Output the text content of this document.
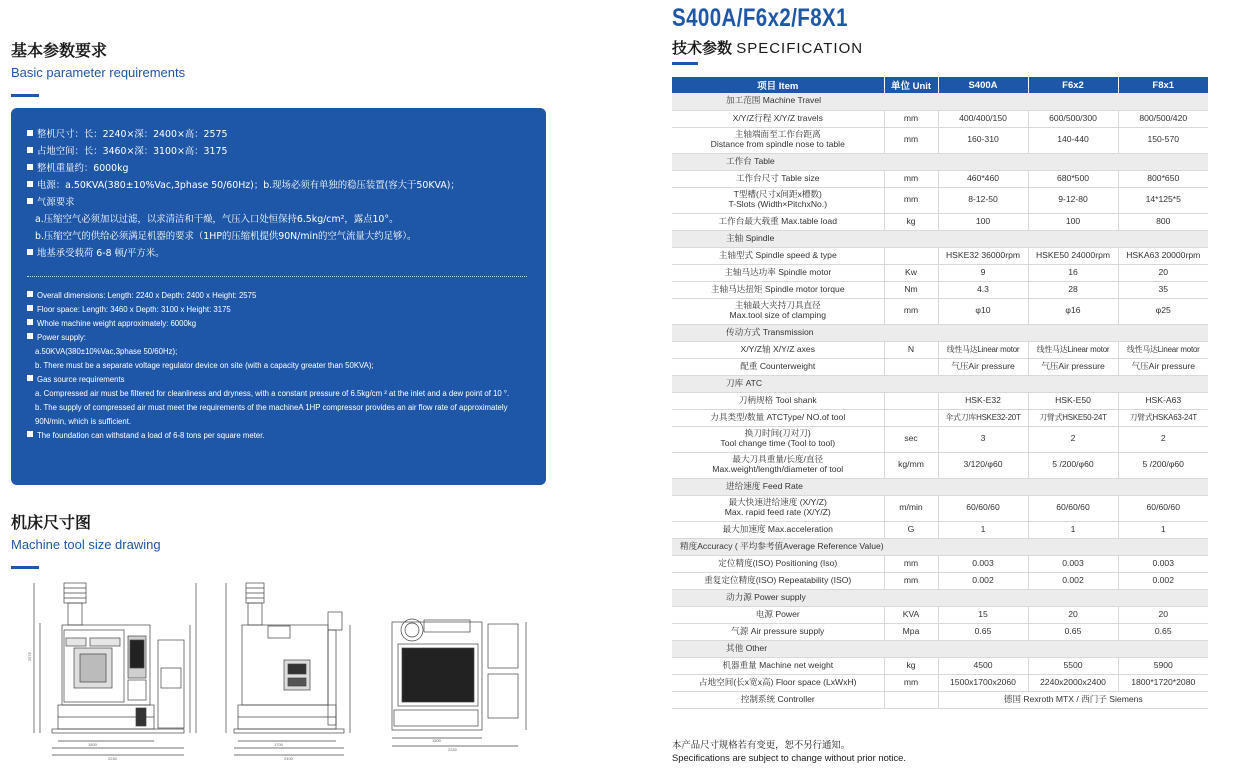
基本参数要求
Basic parameter requirements
整机尺寸：长：2240×深：2400×高：2575
占地空间：长：3460×深：3100×高：3175
整机重量约：6000kg
电源：a.50KVA(380±10%Vac,3phase 50/60Hz)；b.现场必须有单独的稳压装置(容大于50KVA)；
气源要求
a.压缩空气必须加以过滤，以求清洁和干燥，气压入口处恒保持6.5kg/cm²，露点10°。
b.压缩空气的供给必须满足机器的要求（1HP的压缩机提供90N/min的空气流量大约足够）。
地基承受载荷 6-8 顿/平方米。
Overall dimensions: Length: 2240 x Depth: 2400 x Height: 2575
Floor space: Length: 3460 x Depth: 3100 x Height: 3175
Whole machine weight approximately: 6000kg
Power supply:
a.50KVA(380±10%Vac,3phase 50/60Hz);
b. There must be a separate voltage regulator device on site (with a capacity greater than 50KVA);
Gas source requirements
a. Compressed air must be filtered for cleanliness and dryness, with a constant pressure of 6.5kg/cm ² at the inlet and a dew point of 10 °.
b. The supply of compressed air must meet the requirements of the machineA 1HP compressor provides an air flow rate of approximately 90N/min, which is sufficient.
The foundation can withstand a load of 6-8 tons per square meter.
机床尺寸图
Machine tool size drawing
2575
1500
2240
1700
2400
1500
2240
S400A/F6x2/F8X1
技术参数 SPECIFICATION
项目 Item	单位 Unit	S400A	F6x2	F8x1
加工范围 Machine Travel				

X/Y/Z行程 X/Y/Z travels	mm	400/400/150	600/500/300	800/500/420

主轴端面至工作台距离
Distance from spindle nose to table	mm	160-310	140-440	150-570
工作台 Table				

工作台尺寸 Table size	mm	460*460	680*500	800*650

T型槽(尺寸x间距x槽数)
T-Slots (Width×PitchxNo.)	mm	8-12-50	9-12-80	14*125*5

工作台最大载重 Max.table load	kg	100	100	800
主轴 Spindle				

主轴型式 Spindle speed & type		HSKE32 36000rpm	HSKE50 24000rpm	HSKA63 20000rpm

主轴马达功率 Spindle motor	Kw	9	16	20

主轴马达扭矩 Spindle motor torque	Nm	4.3	28	35

主轴最大夹持刀具直径
Max.tool size of clamping	mm	φ10	φ16	φ25
传动方式 Transmission				

X/Y/Z轴 X/Y/Z axes	N	线性马达Linear motor	线性马达Linear motor	线性马达Linear motor

配重 Counterweight		气压Air pressure	气压Air pressure	气压Air pressure
刀库 ATC				

刀柄规格 Tool shank		HSK-E32	HSK-E50	HSK-A63

力具类型/数量 ATCType/ NO.of tool		伞式刀库HSKE32-20T	刀臂式HSKE50-24T	刀臂式HSKA63-24T

换刀时间(刀对刀)
Tool change time (Tool to tool)	sec	3	2	2

最大刀具重量/长度/直径
Max.weight/length/diameter of tool	kg/mm	3/120/φ60	5 /200/φ60	5 /200/φ60
进给速度 Feed Rate				

最大快速进给速度 (X/Y/Z)
Max. rapid feed rate (X/Y/Z)	m/min	60/60/60	60/60/60	60/60/60

最大加速度 Max.acceleration	G	1	1	1
精度Accuracy ( 平均参考值Average Reference Value)				

定位精度(ISO) Positioning (Iso)	mm	0.003	0.003	0.003

重复定位精度(ISO) Repeatability (ISO)	mm	0.002	0.002	0.002
动力源 Power supply				

电源 Power	KVA	15	20	20

气源 Air pressure supply	Mpa	0.65	0.65	0.65
其他 Other				

机器重量 Machine net weight	kg	4500	5500	5900

占地空间(长x宽x高) Floor space (LxWxH)	mm	1500x1700x2060	2240x2000x2400	1800*1720*2080

控制系统 Controller		德国 Rexroth MTX / 西门子 Siemens		
本产品尺寸规格若有变更，恕不另行通知。
Specifications are subject to change without prior notice.
